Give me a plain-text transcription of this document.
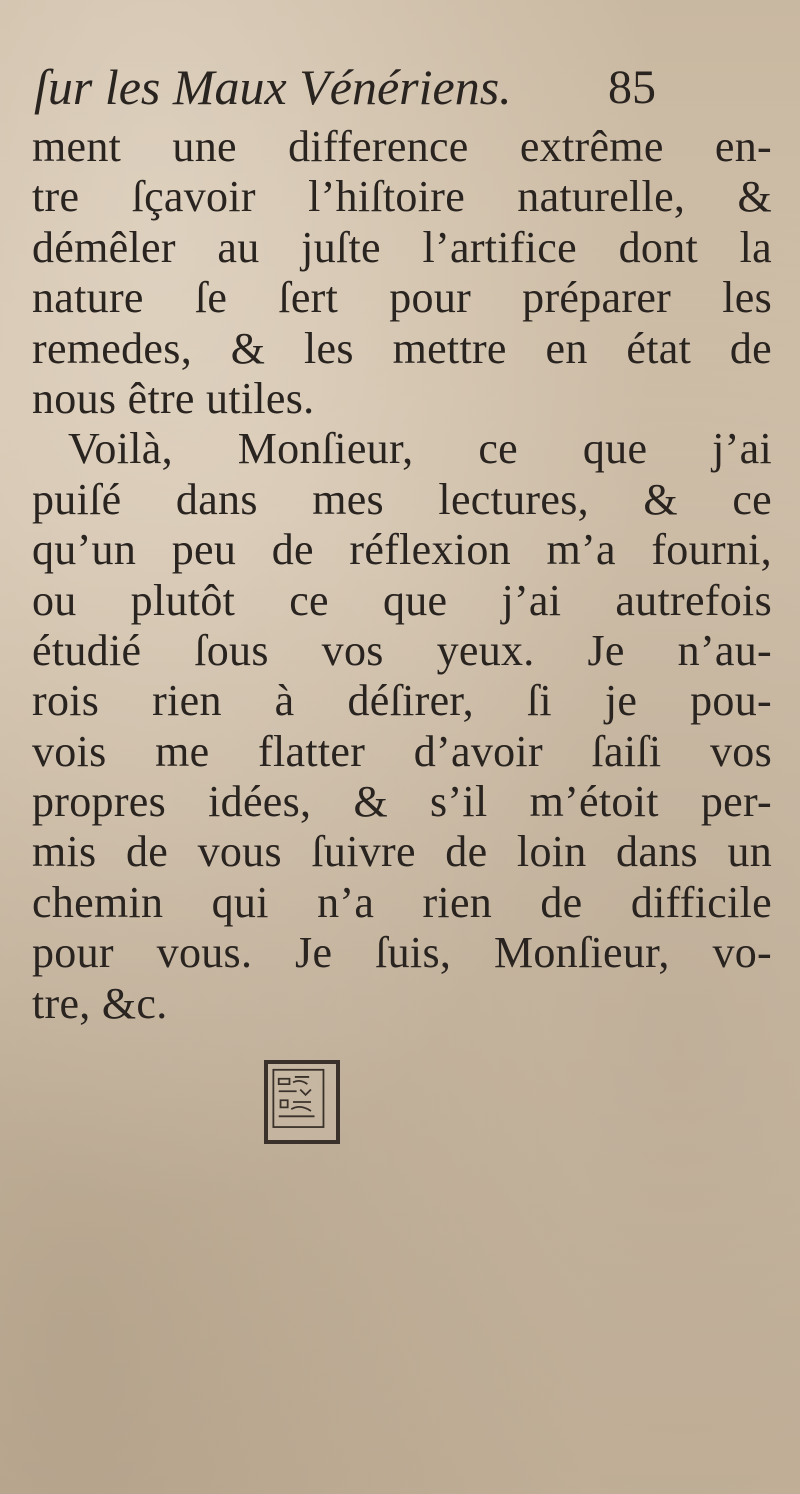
ſur les Maux Vénériens.	85
ment une difference extrême en-
tre ſçavoir l’hiſtoire naturelle, &
démêler au juſte l’artifice dont la
nature ſe ſert pour préparer les
remedes, & les mettre en état de
nous être utiles.
Voilà, Monſieur, ce que j’ai
puiſé dans mes lectures, & ce
qu’un peu de réflexion m’a fourni,
ou plutôt ce que j’ai autrefois
étudié ſous vos yeux. Je n’au-
rois rien à déſirer, ſi je pou-
vois me flatter d’avoir ſaiſi vos
propres idées, & s’il m’étoit per-
mis de vous ſuivre de loin dans un
chemin qui n’a rien de difficile
pour vous. Je ſuis, Monſieur, vo-
tre, &c.
